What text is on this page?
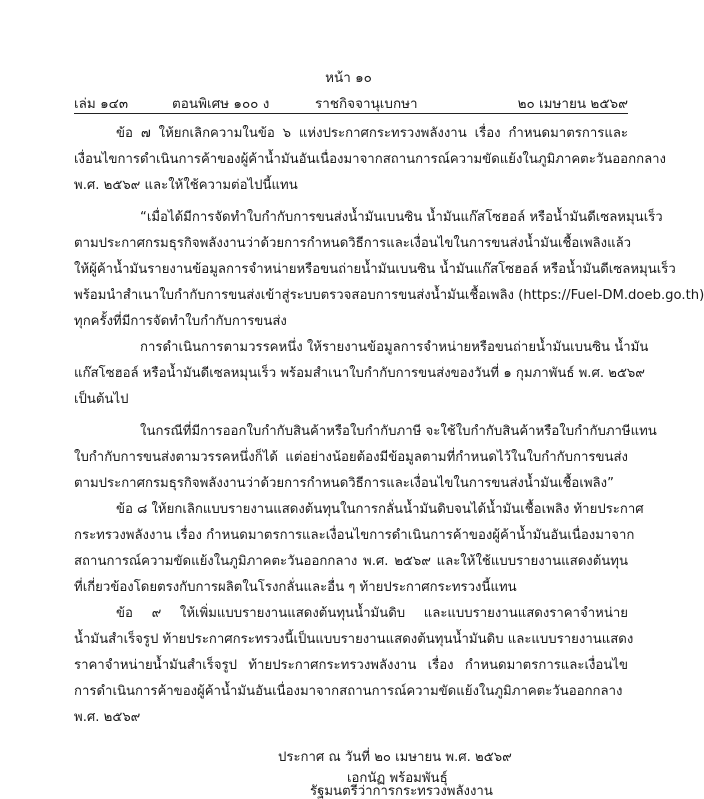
หน้า ๑๐
เล่ม ๑๔๓	ตอนพิเศษ ๑๐๐ ง	ราชกิจจานุเบกษา	๒๐ เมษายน ๒๕๖๙
ข้อ ๗ ให้ยกเลิกความในข้อ ๖ แห่งประกาศกระทรวงพลังงาน เรื่อง กำหนดมาตรการและ
เงื่อนไขการดำเนินการค้าของผู้ค้าน้ำมันอันเนื่องมาจากสถานการณ์ความขัดแย้งในภูมิภาคตะวันออกกลาง
พ.ศ. ๒๕๖๙ และให้ใช้ความต่อไปนี้แทน
“เมื่อได้มีการจัดทำใบกำกับการขนส่งน้ำมันเบนซิน น้ำมันแก๊สโซฮอล์ หรือน้ำมันดีเซลหมุนเร็ว
ตามประกาศกรมธุรกิจพลังงานว่าด้วยการกำหนดวิธีการและเงื่อนไขในการขนส่งน้ำมันเชื้อเพลิงแล้ว
ให้ผู้ค้าน้ำมันรายงานข้อมูลการจำหน่ายหรือขนถ่ายน้ำมันเบนซิน น้ำมันแก๊สโซฮอล์ หรือน้ำมันดีเซลหมุนเร็ว
พร้อมนำสำเนาใบกำกับการขนส่งเข้าสู่ระบบตรวจสอบการขนส่งน้ำมันเชื้อเพลิง (https://Fuel-DM.doeb.go.th)
ทุกครั้งที่มีการจัดทำใบกำกับการขนส่ง
การดำเนินการตามวรรคหนึ่ง ให้รายงานข้อมูลการจำหน่ายหรือขนถ่ายน้ำมันเบนซิน น้ำมัน
แก๊สโซฮอล์ หรือน้ำมันดีเซลหมุนเร็ว พร้อมสำเนาใบกำกับการขนส่งของวันที่ ๑ กุมภาพันธ์ พ.ศ. ๒๕๖๙
เป็นต้นไป
ในกรณีที่มีการออกใบกำกับสินค้าหรือใบกำกับภาษี จะใช้ใบกำกับสินค้าหรือใบกำกับภาษีแทน
ใบกำกับการขนส่งตามวรรคหนึ่งก็ได้ แต่อย่างน้อยต้องมีข้อมูลตามที่กำหนดไว้ในใบกำกับการขนส่ง
ตามประกาศกรมธุรกิจพลังงานว่าด้วยการกำหนดวิธีการและเงื่อนไขในการขนส่งน้ำมันเชื้อเพลิง”
ข้อ ๘ ให้ยกเลิกแบบรายงานแสดงต้นทุนในการกลั่นน้ำมันดิบจนได้น้ำมันเชื้อเพลิง ท้ายประกาศ
กระทรวงพลังงาน เรื่อง กำหนดมาตรการและเงื่อนไขการดำเนินการค้าของผู้ค้าน้ำมันอันเนื่องมาจาก
สถานการณ์ความขัดแย้งในภูมิภาคตะวันออกกลาง พ.ศ. ๒๕๖๙ และให้ใช้แบบรายงานแสดงต้นทุน
ที่เกี่ยวข้องโดยตรงกับการผลิตในโรงกลั่นและอื่น ๆ ท้ายประกาศกระทรวงนี้แทน
ข้อ ๙ ให้เพิ่มแบบรายงานแสดงต้นทุนน้ำมันดิบ และแบบรายงานแสดงราคาจำหน่าย
น้ำมันสำเร็จรูป ท้ายประกาศกระทรวงนี้เป็นแบบรายงานแสดงต้นทุนน้ำมันดิบ และแบบรายงานแสดง
ราคาจำหน่ายน้ำมันสำเร็จรูป ท้ายประกาศกระทรวงพลังงาน เรื่อง กำหนดมาตรการและเงื่อนไข
การดำเนินการค้าของผู้ค้าน้ำมันอันเนื่องมาจากสถานการณ์ความขัดแย้งในภูมิภาคตะวันออกกลาง
พ.ศ. ๒๕๖๙
ประกาศ ณ วันที่ ๒๐ เมษายน พ.ศ. ๒๕๖๙
เอกนัฏ พร้อมพันธุ์
รัฐมนตรีว่าการกระทรวงพลังงาน
